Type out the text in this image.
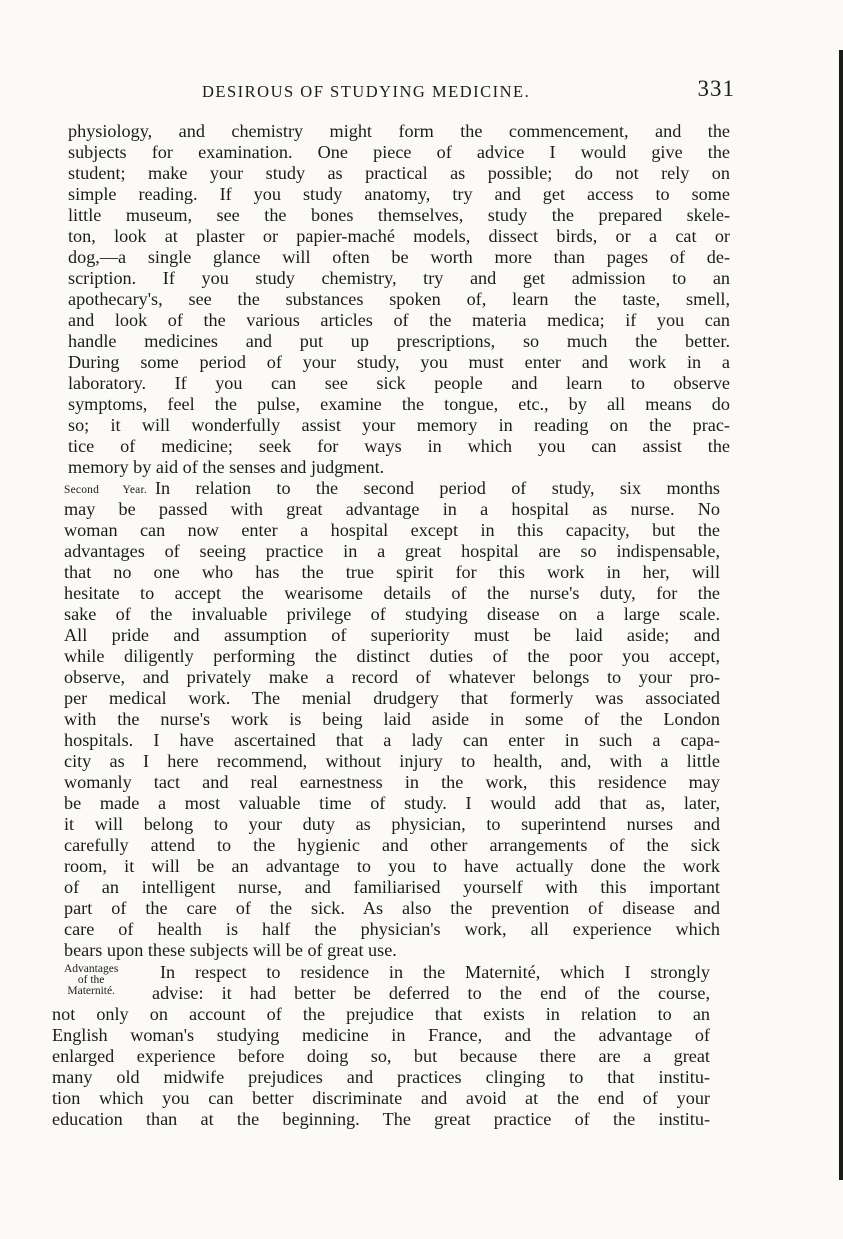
DESIROUS OF STUDYING MEDICINE.	331
physiology, and chemistry might form the commencement, and the
subjects for examination. One piece of advice I would give the
student; make your study as practical as possible; do not rely on
simple reading. If you study anatomy, try and get access to some
little museum, see the bones themselves, study the prepared skele-
ton, look at plaster or papier-maché models, dissect birds, or a cat or
dog,—a single glance will often be worth more than pages of de-
scription. If you study chemistry, try and get admission to an
apothecary's, see the substances spoken of, learn the taste, smell,
and look of the various articles of the materia medica; if you can
handle medicines and put up prescriptions, so much the better.
During some period of your study, you must enter and work in a
laboratory. If you can see sick people and learn to observe
symptoms, feel the pulse, examine the tongue, etc., by all means do
so; it will wonderfully assist your memory in reading on the prac-
tice of medicine; seek for ways in which you can assist the
memory by aid of the senses and judgment.
Second Year. In relation to the second period of study, six months
may be passed with great advantage in a hospital as nurse. No
woman can now enter a hospital except in this capacity, but the
advantages of seeing practice in a great hospital are so indispensable,
that no one who has the true spirit for this work in her, will
hesitate to accept the wearisome details of the nurse's duty, for the
sake of the invaluable privilege of studying disease on a large scale.
All pride and assumption of superiority must be laid aside; and
while diligently performing the distinct duties of the poor you accept,
observe, and privately make a record of whatever belongs to your pro-
per medical work. The menial drudgery that formerly was associated
with the nurse's work is being laid aside in some of the London
hospitals. I have ascertained that a lady can enter in such a capa-
city as I here recommend, without injury to health, and, with a little
womanly tact and real earnestness in the work, this residence may
be made a most valuable time of study. I would add that as, later,
it will belong to your duty as physician, to superintend nurses and
carefully attend to the hygienic and other arrangements of the sick
room, it will be an advantage to you to have actually done the work
of an intelligent nurse, and familiarised yourself with this important
part of the care of the sick. As also the prevention of disease and
care of health is half the physician's work, all experience which
bears upon these subjects will be of great use.
Advantages
of the
Maternité.
In respect to residence in the Maternité, which I strongly
advise: it had better be deferred to the end of the course,
not only on account of the prejudice that exists in relation to an
English woman's studying medicine in France, and the advantage of
enlarged experience before doing so, but because there are a great
many old midwife prejudices and practices clinging to that institu-
tion which you can better discriminate and avoid at the end of your
education than at the beginning. The great practice of the institu-
